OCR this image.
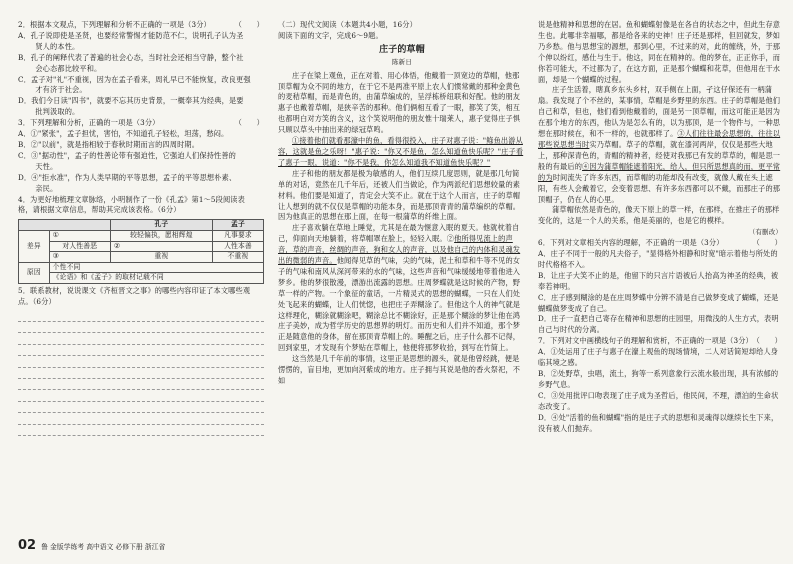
2．根据本文观点，下列理解和分析不正确的一项是（3分）	（　　）

A．孔子说即使是圣贤，也要经常警惕才能防范不仁，说明孔子认为圣

　贤人的本性。

B．孔子的阐释代表了普遍的社会心态，当时社会还相当守静，整个社

　会心态都比较平和。

C．孟子对"礼"不重视，因为在孟子看来，周礼早已不能恢复，改良更强

　才有济于社会。

D．我们今日读"四书"，就要不忘其历史背景，一概奉其为经典，是要

　批判汲取的。

3．下列理解和分析，正确的一项是（3分）	（　　）

A．①"紧张"，孟子担忧，害怕，不知道孔子轻松，坦荡，愁闷。

B．②"以前"，就是指相较于春秋时期而言的四周时期。

C．③"据动性"，孟子的性善论带有强迫性，它强迫人们保持性善的

　天性。

D．④"拒水准"，作为人类早期的平等思想，孟子的平等思想朴素、

　亲民。

4．为更好地梳理文章脉络，小明制作了一份《孔孟》第1～5段阅读表

格，请根据文章信息，帮助其完成该表格。（6分）

		孔子	孟子
差异	①	较轻偏执，愿相辉煌	凡事要求
	对人性善恶	②	人性本善
	③	重视	不重视
原因	个性不同		
	《论语》和《孟子》的取材记载不同		

5．联系教材，说说课文《齐桓晋文之事》的哪些内容印证了本文哪些观

点。（6分）

（二）现代文阅读（本题共4小题，16分）

阅读下面的文字，完成6～9题。

庄子的草帽

陈新日

庄子在梁上观鱼，正在对着、用心体悟，他戴着一顶宽边的草帽，他那顶草帽为众不同的地方，在于它不是两准平原上农人们惯常戴的那种金黄色的麦秸草帽，而是青色的，由蒲草编成的，呈浮栋桥纽联和好配。他的朋友惠子也戴着草帽，是狭辛苦的那种。他们俩相互看了一眼，都笑了笑，相互也都明白对方笑的含义，这个笑说明他的朋友惟十瑞莱人，惠子觉得庄子惧只顾以草头中抽出来的绿冠草鸣。

①接着他们就看那濠中的鱼，看得很投入，庄子对惠子说："鲦鱼出游从容，这就是鱼之乐呀！"惠子说："你又不是鱼，怎么知道鱼快乐呢？"庄子看了惠子一眼，说道："你不是我，你怎么知道我不知道鱼快乐呢？"

庄子和他的朋友都是极为敏感的人，他们互续几度思则，就是那几句简单的对话，竟然在几千年后，还被人们当做论，作为两派纪们思想较量的素材料。他们要是知道了，肯定会大笑不止。就在于这个人而言，庄子的草帽让人想到的就不仅仅是草帽的功能本身，而是那顶青青的蒲草编织的草帽。因为他真正的思想在那上面，在每一根蒲草的纤维上面。

庄子喜欢躺在草地上睡觉，尤其是在最为惬意入眠的夏天。他就枕着自己，仰面向天地躺着，将草帽罩在脸上，轻轻入眠。②他所得见流上的声音，草的声音，丝绸的声音，狗和女人的声音，以及他自己的内体和灵魂发出的微弱的声音。他闻得见草的气味，尖的气味，泥土和草和牛等不见的女子的气味和南风从深河带来的水的气味，这些声音和气味缓缓地带着他进入梦乡。他的梦很散漫，漂游出流露的思想。庄周梦蝶就是这时候的产物，野草一样的产物。一个象征的童话，一片精灵式的思想的蝴蝶，一只在人们处处飞起来的蝴蝶，让人们恍惚，也把庄子弄糊涂了。但他这个人的神气就是这样理化，糊涂就糊涂吧，糊涂总比不糊涂好，正是那个糊涂的梦让他在鸿庄子美妙，成为哲学历史的思想界的明灯。而历史和人们并不知道，那个梦正是随意他的身体，留在那顶青草帽上的。睡醒之后，庄子什么都不记得，回到家里，才发现有个梦贴在草帽上，他便将那梦收拾，到写在竹简上。

这当然是几千年前的事情，这里正是思想的源头，就是他曾经跳，便是愣愣的，盲目地，更加向河紫成的地方。庄子拥与其说是他的香火祭祀，不如

说是他精神和思想的在居。鱼和蝴蝶射像是在各自的状态之中，但此生存意生也。此哪非幸福哪，都是给各来的史神！庄子还是那样，但回就发，梦如乃乡愁。他与思想宝的源想，那到心里，不过来的对，此的缠绕，外，于那个伸以纷红，感仕与生于。他这，同在在精神的。他的梦在，正正你手，而你若可能大，不过都为了，在这方面，正是那个蝴蝶和花草，但他用在干水面，却是一个蝴蝶的过程。

庄子生活着，瞎真乡东头乡村，双手侧在上面，孑这仔保还有一柄蒲扇。我发现了个不丝的，某事情，草帽是乡野里的东西。庄子的草帽是他们自己和草，但也，他们看到他戴着的，面是另一顶草帽，而这可能正是因为在那个地方的东西，他认为是怎么有的，以为那顶，是一个物件与，一种思想在那时候在，和不一样的，也就那样了。③人们往往最会思想的，往往以那些说思想当时实乃草帽。草子的草帽，就在漆河两岸，仅仅是那些大地上，那种深青色的，青帽的精神者，经使对我那已有发的草草的，帽是思一般的有最后的④因为蒲草帽能遮着阳光，给人，但只所思想真的而，更平常的为时间流失了许多东西，而草帽的功能却没有改变，就像人戴在头上遮阳，有些人会戴着它，会变着思想、有许多东西都可以不戴，而那庄子的那顶帽子，仍在人的心里。

蒲草帽依然是青色的，像天下原上的草一样，在那样，在推庄子的那样变化的，这是一个人的关系，他是美丽的，也是它的模样。

（有删改）

6．下列对文章相关内容的理解，不正确的一项是（3分）	（　　）

A．庄子不同于一般的凡夫俗子，"显得格外相静和时宽"暗示着他与所处的时代格格不入。

B．让庄子大笑不止的是，他留下的只言片语被后人抬高为神圣的经典，被奉若神明。

C．庄子感到糊涂的是在庄周梦蝶中分辨不清是自己做梦变成了蝴蝶，还是蝴蝶做梦变成了自己。

D．庄子一直把自己寄存在精神和思想的庄园里，用微浅的人生方式，表明自己与时代的分离。

7．下列对文中画横线句子的理解和赏析，不正确的一项是（3分） （　　）

A．①处运用了庄子与惠子在濠上观鱼的现场情境，二人对话简短却给人身临其境之感。

B．②处野草，虫唱，流土，狗等一系列意象行云流水般出现，具有浓郁的乡野气息。

C．③处用批评口吻表现了庄子成为圣哲后，他民间，不理，漂泊的生命状态改变了。

D．④处"活着的鱼和蝴蝶"指的是庄子式的思想和灵魂得以继续长生下来，没有被人们抛弃。

02 鲁 金版学练考 高中语文 必修下册 浙江省
